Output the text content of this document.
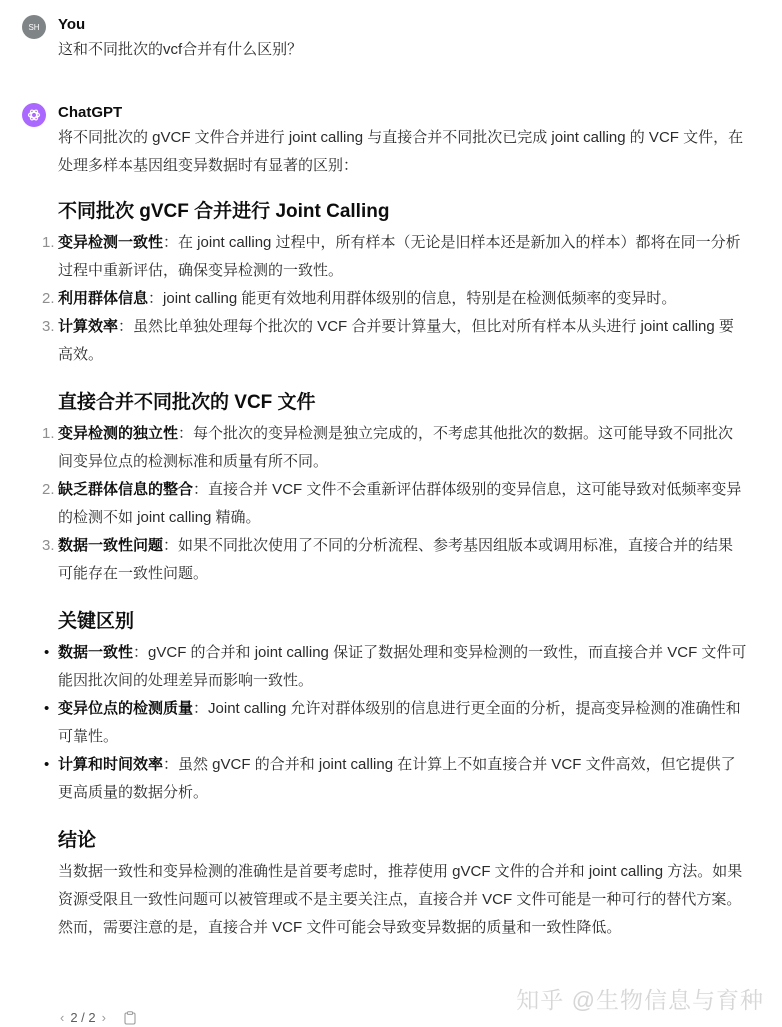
SH You
这和不同批次的vcf合并有什么区别？
ChatGPT

将不同批次的 gVCF 文件合并进行 joint calling 与直接合并不同批次已完成 joint calling 的 VCF 文件，在处理多样本基因组变异数据时有显著的区别：

不同批次 gVCF 合并进行 Joint Calling
1. 变异检测一致性：在 joint calling 过程中，所有样本（无论是旧样本还是新加入的样本）都将在同一分析过程中重新评估，确保变异检测的一致性。
2. 利用群体信息：joint calling 能更有效地利用群体级别的信息，特别是在检测低频率的变异时。
3. 计算效率：虽然比单独处理每个批次的 VCF 合并要计算量大，但比对所有样本从头进行 joint calling 要高效。
直接合并不同批次的 VCF 文件
1. 变异检测的独立性：每个批次的变异检测是独立完成的，不考虑其他批次的数据。这可能导致不同批次间变异位点的检测标准和质量有所不同。
2. 缺乏群体信息的整合：直接合并 VCF 文件不会重新评估群体级别的变异信息，这可能导致对低频率变异的检测不如 joint calling 精确。
3. 数据一致性问题：如果不同批次使用了不同的分析流程、参考基因组版本或调用标准，直接合并的结果可能存在一致性问题。
关键区别
• 数据一致性：gVCF 的合并和 joint calling 保证了数据处理和变异检测的一致性，而直接合并 VCF 文件可能因批次间的处理差异而影响一致性。
• 变异位点的检测质量：Joint calling 允许对群体级别的信息进行更全面的分析，提高变异检测的准确性和可靠性。
• 计算和时间效率：虽然 gVCF 的合并和 joint calling 在计算上不如直接合并 VCF 文件高效，但它提供了更高质量的数据分析。
结论

当数据一致性和变异检测的准确性是首要考虑时，推荐使用 gVCF 文件的合并和 joint calling 方法。如果资源受限且一致性问题可以被管理或不是主要关注点，直接合并 VCF 文件可能是一种可行的替代方案。然而，需要注意的是，直接合并 VCF 文件可能会导致变异数据的质量和一致性降低。

‹ 2 / 2 ›
知乎 @生物信息与育种
